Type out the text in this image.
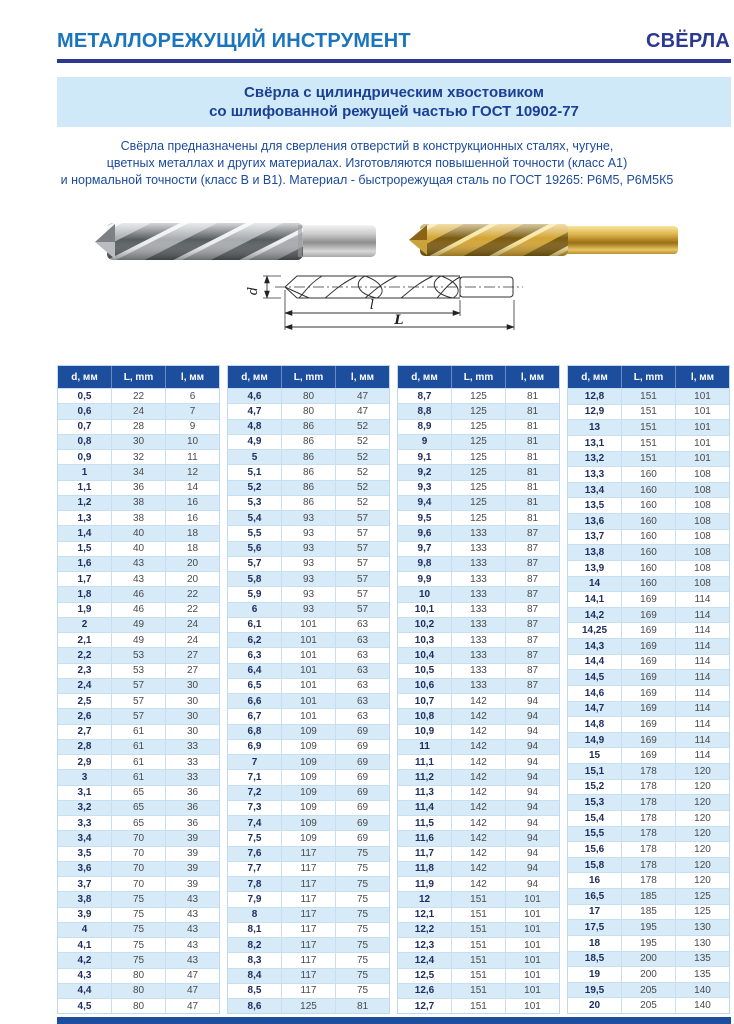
МЕТАЛЛОРЕЖУЩИЙ ИНСТРУМЕНТ	СВЁРЛА
Свёрла с цилиндрическим хвостовиком
со шлифованной режущей частью ГОСТ 10902-77
Свёрла предназначены для сверления отверстий в конструкционных сталях, чугуне,
цветных металлах и других материалах. Изготовляются повышенной точности (класс А1)
и нормальной точности (класс В и В1). Материал - быстрорежущая сталь по ГОСТ 19265: Р6М5, Р6М5К5
d
l
L
d, мм	L, mm	l, мм
0,5	22	6
0,6	24	7
0,7	28	9
0,8	30	10
0,9	32	11
1	34	12
1,1	36	14
1,2	38	16
1,3	38	16
1,4	40	18
1,5	40	18
1,6	43	20
1,7	43	20
1,8	46	22
1,9	46	22
2	49	24
2,1	49	24
2,2	53	27
2,3	53	27
2,4	57	30
2,5	57	30
2,6	57	30
2,7	61	30
2,8	61	33
2,9	61	33
3	61	33
3,1	65	36
3,2	65	36
3,3	65	36
3,4	70	39
3,5	70	39
3,6	70	39
3,7	70	39
3,8	75	43
3,9	75	43
4	75	43
4,1	75	43
4,2	75	43
4,3	80	47
4,4	80	47
4,5	80	47
d, мм	L, mm	l, мм
4,6	80	47
4,7	80	47
4,8	86	52
4,9	86	52
5	86	52
5,1	86	52
5,2	86	52
5,3	86	52
5,4	93	57
5,5	93	57
5,6	93	57
5,7	93	57
5,8	93	57
5,9	93	57
6	93	57
6,1	101	63
6,2	101	63
6,3	101	63
6,4	101	63
6,5	101	63
6,6	101	63
6,7	101	63
6,8	109	69
6,9	109	69
7	109	69
7,1	109	69
7,2	109	69
7,3	109	69
7,4	109	69
7,5	109	69
7,6	117	75
7,7	117	75
7,8	117	75
7,9	117	75
8	117	75
8,1	117	75
8,2	117	75
8,3	117	75
8,4	117	75
8,5	117	75
8,6	125	81
d, мм	L, mm	l, мм
8,7	125	81
8,8	125	81
8,9	125	81
9	125	81
9,1	125	81
9,2	125	81
9,3	125	81
9,4	125	81
9,5	125	81
9,6	133	87
9,7	133	87
9,8	133	87
9,9	133	87
10	133	87
10,1	133	87
10,2	133	87
10,3	133	87
10,4	133	87
10,5	133	87
10,6	133	87
10,7	142	94
10,8	142	94
10,9	142	94
11	142	94
11,1	142	94
11,2	142	94
11,3	142	94
11,4	142	94
11,5	142	94
11,6	142	94
11,7	142	94
11,8	142	94
11,9	142	94
12	151	101
12,1	151	101
12,2	151	101
12,3	151	101
12,4	151	101
12,5	151	101
12,6	151	101
12,7	151	101
d, мм	L, mm	l, мм
12,8	151	101
12,9	151	101
13	151	101
13,1	151	101
13,2	151	101
13,3	160	108
13,4	160	108
13,5	160	108
13,6	160	108
13,7	160	108
13,8	160	108
13,9	160	108
14	160	108
14,1	169	114
14,2	169	114
14,25	169	114
14,3	169	114
14,4	169	114
14,5	169	114
14,6	169	114
14,7	169	114
14,8	169	114
14,9	169	114
15	169	114
15,1	178	120
15,2	178	120
15,3	178	120
15,4	178	120
15,5	178	120
15,6	178	120
15,8	178	120
16	178	120
16,5	185	125
17	185	125
17,5	195	130
18	195	130
18,5	200	135
19	200	135
19,5	205	140
20	205	140
